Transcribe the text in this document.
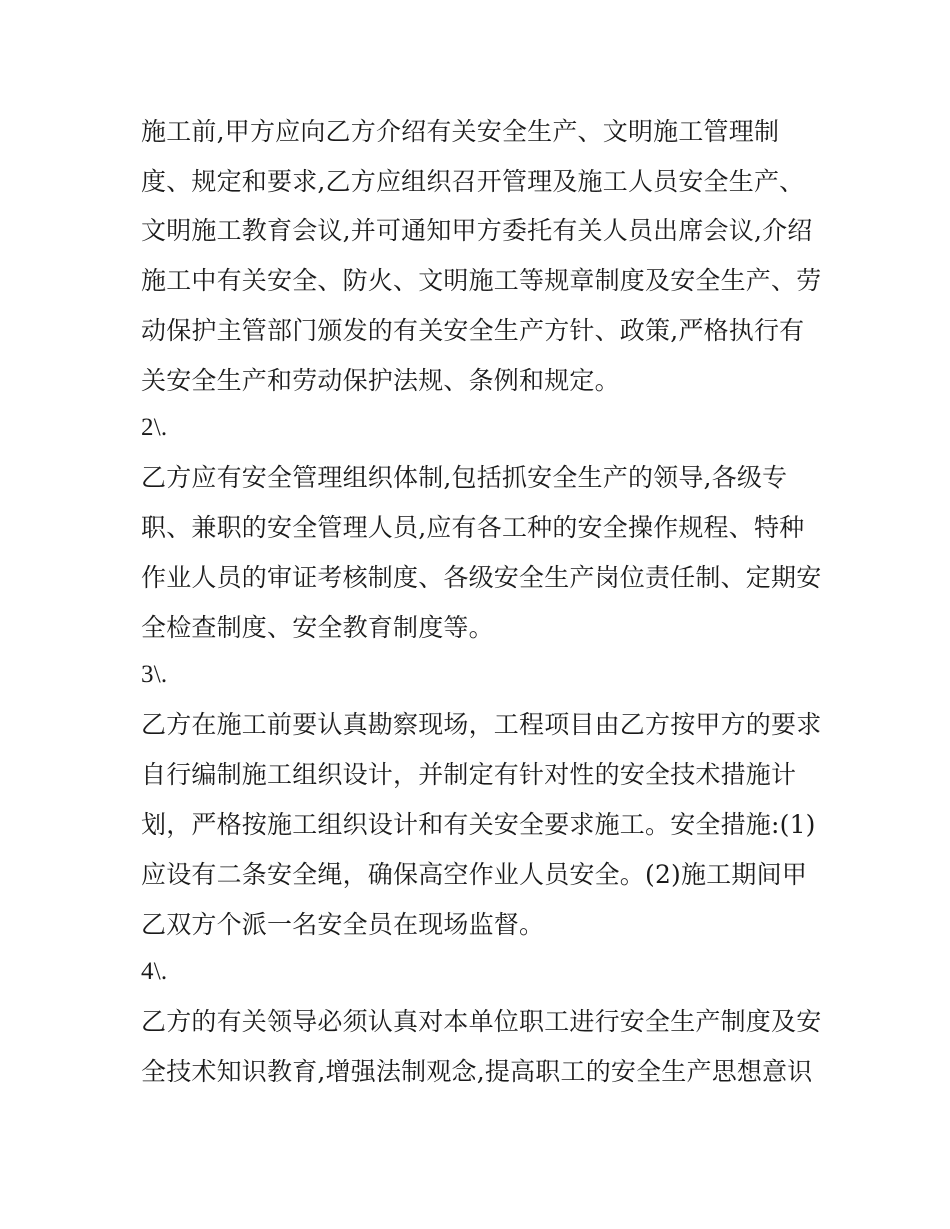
施工前,甲方应向乙方介绍有关安全生产、文明施工管理制
度、规定和要求,乙方应组织召开管理及施工人员安全生产、
文明施工教育会议,并可通知甲方委托有关人员出席会议,介绍
施工中有关安全、防火、文明施工等规章制度及安全生产、劳
动保护主管部门颁发的有关安全生产方针、政策,严格执行有
关安全生产和劳动保护法规、条例和规定。
2\.
乙方应有安全管理组织体制,包括抓安全生产的领导,各级专
职、兼职的安全管理人员,应有各工种的安全操作规程、特种
作业人员的审证考核制度、各级安全生产岗位责任制、定期安
全检查制度、安全教育制度等。
3\.
乙方在施工前要认真勘察现场，工程项目由乙方按甲方的要求
自行编制施工组织设计，并制定有针对性的安全技术措施计
划，严格按施工组织设计和有关安全要求施工。安全措施:(1)
应设有二条安全绳，确保高空作业人员安全。(2)施工期间甲
乙双方个派一名安全员在现场监督。
4\.
乙方的有关领导必须认真对本单位职工进行安全生产制度及安
全技术知识教育,增强法制观念,提高职工的安全生产思想意识
